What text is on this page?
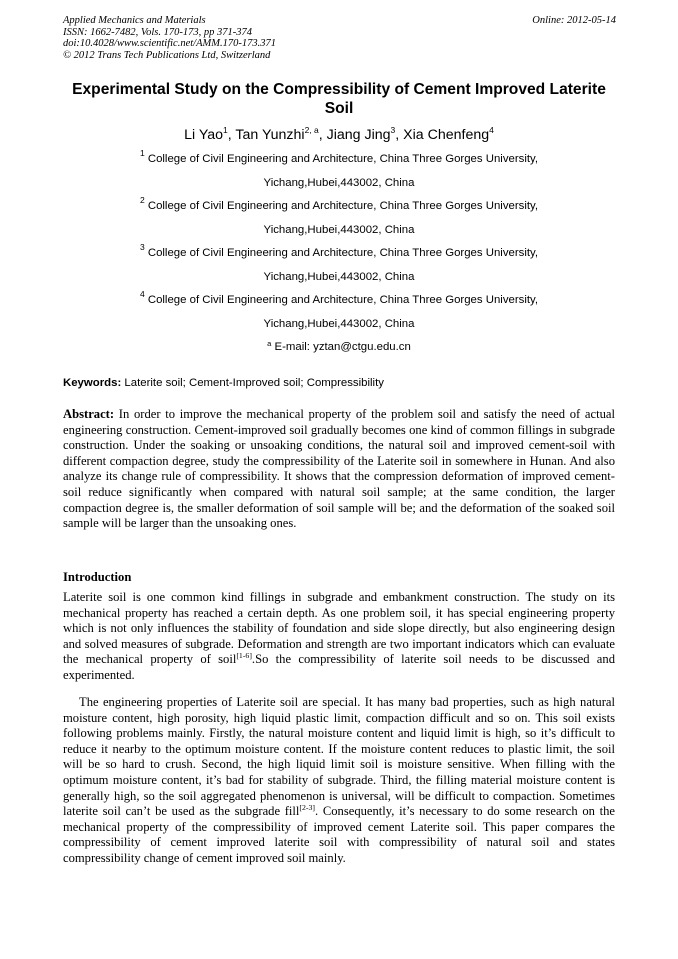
Applied Mechanics and Materials
ISSN: 1662-7482, Vols. 170-173, pp 371-374
doi:10.4028/www.scientific.net/AMM.170-173.371
© 2012 Trans Tech Publications Ltd, Switzerland
Online: 2012-05-14
Experimental Study on the Compressibility of Cement Improved Laterite Soil
Li Yao$^1$, Tan Yunzhi$^{2, a}$, Jiang Jing$^3$, Xia Chenfeng$^4$
$^1$ College of Civil Engineering and Architecture, China Three Gorges University,
Yichang,Hubei,443002, China
$^2$ College of Civil Engineering and Architecture, China Three Gorges University,
Yichang,Hubei,443002, China
$^3$ College of Civil Engineering and Architecture, China Three Gorges University,
Yichang,Hubei,443002, China
$^4$ College of Civil Engineering and Architecture, China Three Gorges University,
Yichang,Hubei,443002, China
$^a$ E-mail: yztan@ctgu.edu.cn
Keywords: Laterite soil; Cement-Improved soil; Compressibility
Abstract: In order to improve the mechanical property of the problem soil and satisfy the need of actual engineering construction. Cement-improved soil gradually becomes one kind of common fillings in subgrade construction. Under the soaking or unsoaking conditions, the natural soil and improved cement-soil with different compaction degree, study the compressibility of the Laterite soil in somewhere in Hunan. And also analyze its change rule of compressibility. It shows that the compression deformation of improved cement-soil reduce significantly when compared with natural soil sample; at the same condition, the larger compaction degree is, the smaller deformation of soil sample will be; and the deformation of the soaked soil sample will be larger than the unsoaking ones.
Introduction
Laterite soil is one common kind fillings in subgrade and embankment construction. The study on its mechanical property has reached a certain depth. As one problem soil, it has special engineering property which is not only influences the stability of foundation and side slope directly, but also engineering design and solved measures of subgrade. Deformation and strength are two important indicators which can evaluate the mechanical property of soil[1-6].So the compressibility of laterite soil needs to be discussed and experimented.
The engineering properties of Laterite soil are special. It has many bad properties, such as high natural moisture content, high porosity, high liquid plastic limit, compaction difficult and so on. This soil exists following problems mainly. Firstly, the natural moisture content and liquid limit is high, so it’s difficult to reduce it nearby to the optimum moisture content. If the moisture content reduces to plastic limit, the soil will be so hard to crush. Second, the high liquid limit soil is moisture sensitive. When filling with the optimum moisture content, it’s bad for stability of subgrade. Third, the filling material moisture content is generally high, so the soil aggregated phenomenon is universal, will be difficult to compaction. Sometimes laterite soil can’t be used as the subgrade fill[2-3]. Consequently, it’s necessary to do some research on the mechanical property of the compressibility of improved cement Laterite soil. This paper compares the compressibility of cement improved laterite soil with compressibility of natural soil and states compressibility change of cement improved soil mainly.
